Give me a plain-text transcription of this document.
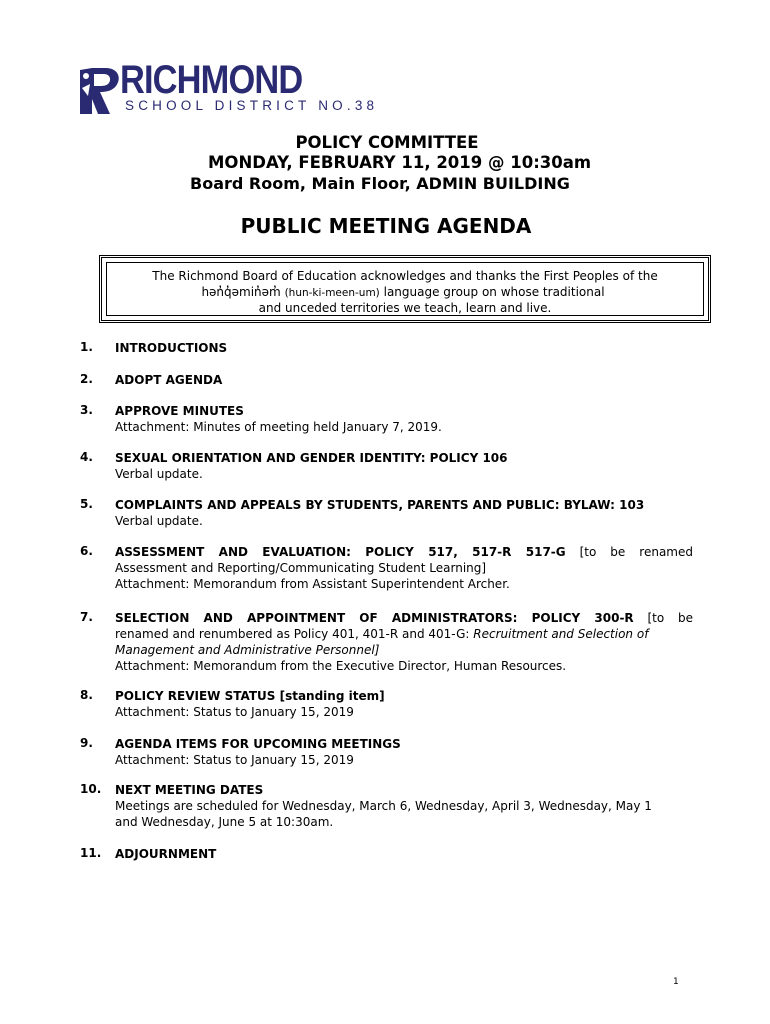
RICHMOND
SCHOOL DISTRICT NO.38
POLICY COMMITTEE
MONDAY, FEBRUARY 11, 2019 @ 10:30am
Board Room, Main Floor, ADMIN BUILDING
PUBLIC MEETING AGENDA
The Richmond Board of Education acknowledges and thanks the First Peoples of the
hən̓q̓əmin̓əm̓ (hun-ki-meen-um) language group on whose traditional
and unceded territories we teach, learn and live.
1. INTRODUCTIONS
2. ADOPT AGENDA
3. APPROVE MINUTES
Attachment: Minutes of meeting held January 7, 2019.
4. SEXUAL ORIENTATION AND GENDER IDENTITY: POLICY 106
Verbal update.
5. COMPLAINTS AND APPEALS BY STUDENTS, PARENTS AND PUBLIC: BYLAW: 103
Verbal update.
6. ASSESSMENT AND EVALUATION: POLICY 517, 517-R 517-G [to be renamed
Assessment and Reporting/Communicating Student Learning]
Attachment: Memorandum from Assistant Superintendent Archer.
7. SELECTION AND APPOINTMENT OF ADMINISTRATORS: POLICY 300-R [to be
renamed and renumbered as Policy 401, 401-R and 401-G: Recruitment and Selection of
Management and Administrative Personnel]
Attachment: Memorandum from the Executive Director, Human Resources.
8. POLICY REVIEW STATUS [standing item]
Attachment: Status to January 15, 2019
9. AGENDA ITEMS FOR UPCOMING MEETINGS
Attachment: Status to January 15, 2019
10. NEXT MEETING DATES
Meetings are scheduled for Wednesday, March 6, Wednesday, April 3, Wednesday, May 1
and Wednesday, June 5 at 10:30am.
11. ADJOURNMENT
1
